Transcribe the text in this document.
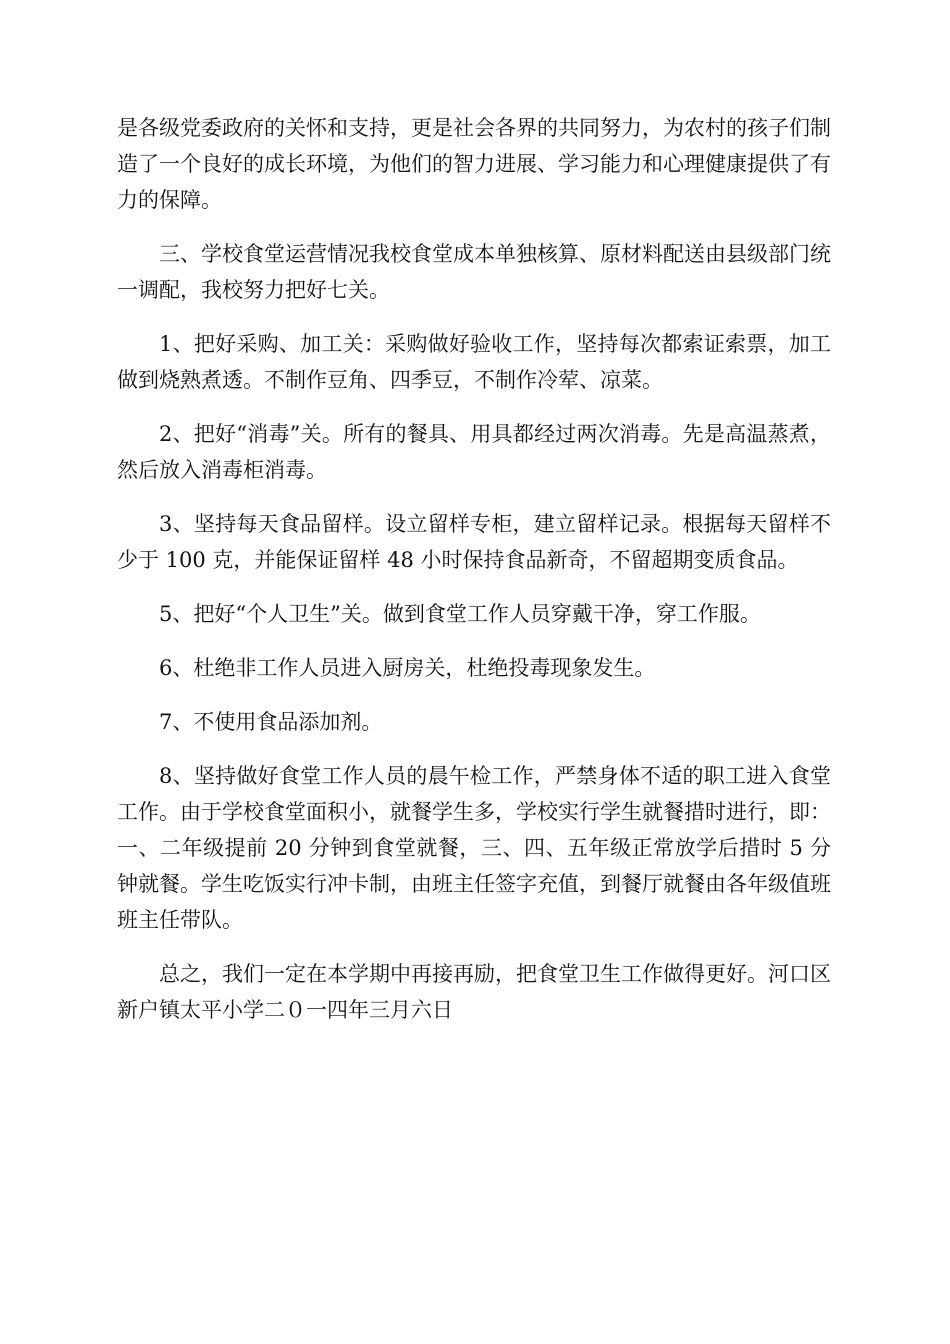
是各级党委政府的关怀和支持，更是社会各界的共同努力，为农村的孩子们制造了一个良好的成长环境，为他们的智力进展、学习能力和心理健康提供了有力的保障。

三、学校食堂运营情况我校食堂成本单独核算、原材料配送由县级部门统一调配，我校努力把好七关。

1、把好采购、加工关：采购做好验收工作，坚持每次都索证索票，加工做到烧熟煮透。不制作豆角、四季豆，不制作冷荤、凉菜。

2、把好“消毒”关。所有的餐具、用具都经过两次消毒。先是高温蒸煮，然后放入消毒柜消毒。

3、坚持每天食品留样。设立留样专柜，建立留样记录。根据每天留样不少于 100 克，并能保证留样 48 小时保持食品新奇，不留超期变质食品。

5、把好“个人卫生”关。做到食堂工作人员穿戴干净，穿工作服。

6、杜绝非工作人员进入厨房关，杜绝投毒现象发生。

7、不使用食品添加剂。

8、坚持做好食堂工作人员的晨午检工作，严禁身体不适的职工进入食堂工作。由于学校食堂面积小，就餐学生多，学校实行学生就餐措时进行，即：一、二年级提前 20 分钟到食堂就餐，三、四、五年级正常放学后措时 5 分钟就餐。学生吃饭实行冲卡制，由班主任签字充值，到餐厅就餐由各年级值班班主任带队。

总之，我们一定在本学期中再接再励，把食堂卫生工作做得更好。河口区新户镇太平小学二０一四年三月六日
